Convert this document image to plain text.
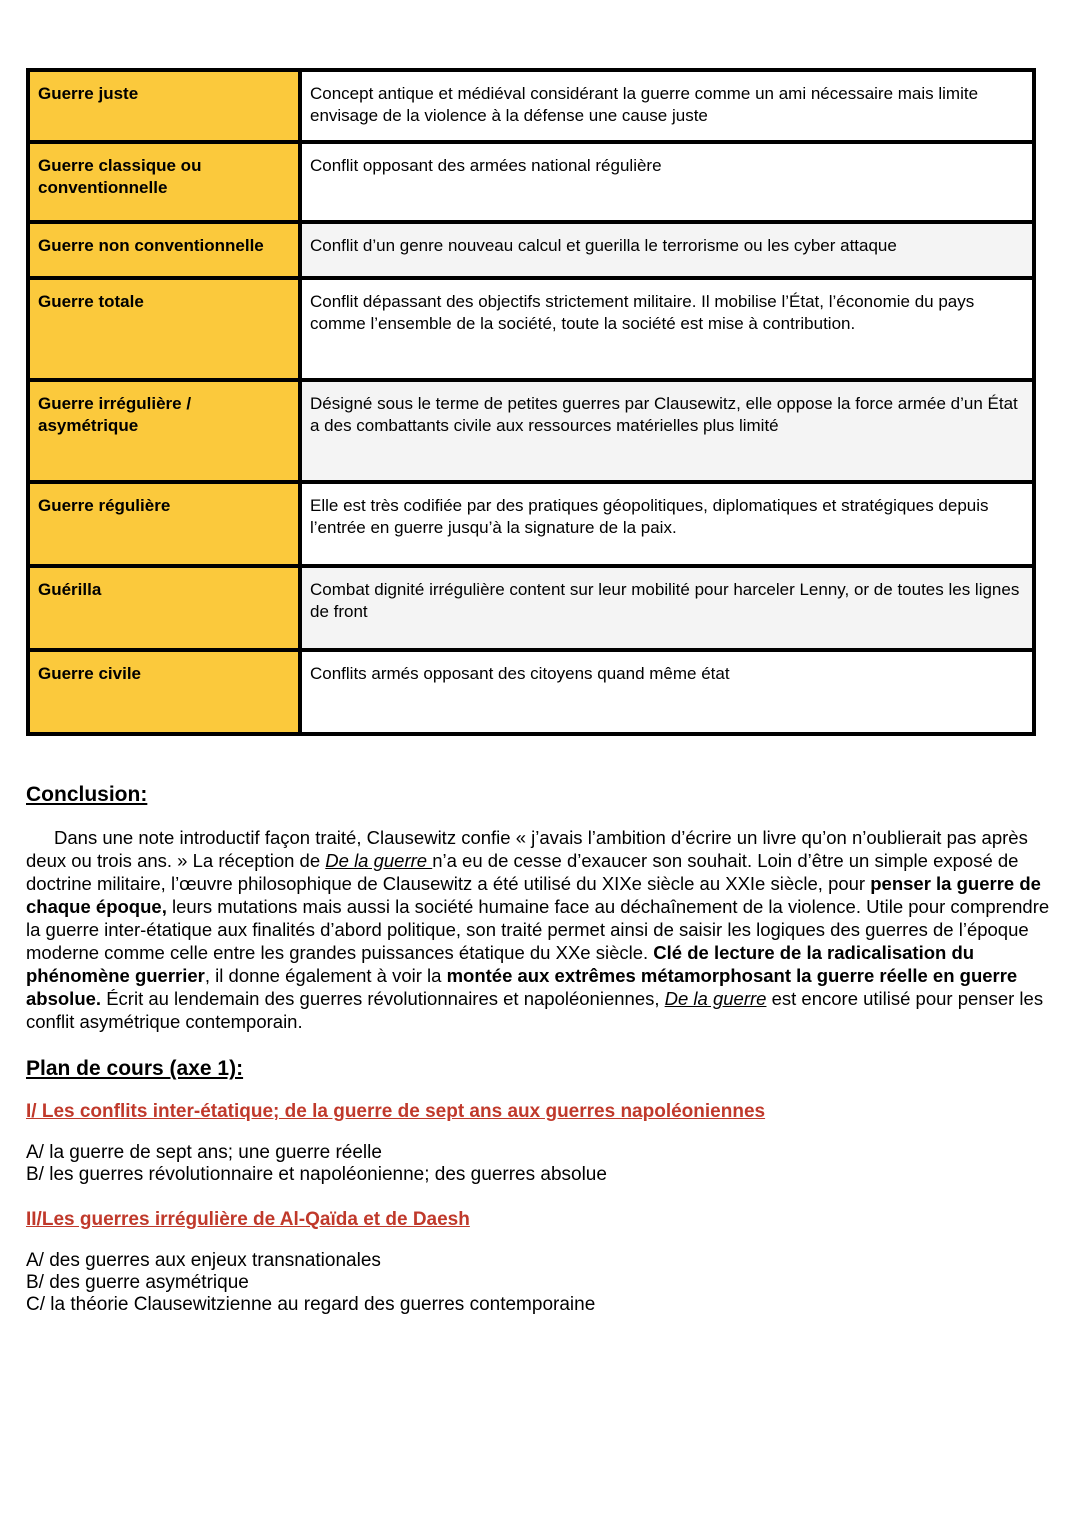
Guerre juste	Concept antique et médiéval considérant la guerre comme un ami nécessaire mais limite envisage de la violence à la défense une cause juste
Guerre classique ou conventionnelle	Conflit opposant des armées national régulière
Guerre non conventionnelle	Conflit d’un genre nouveau calcul et guerilla le terrorisme ou les cyber attaque
Guerre totale	Conflit dépassant des objectifs strictement militaire. Il mobilise l’État, l’économie du pays comme l’ensemble de la société, toute la société est mise à contribution.
Guerre irrégulière / asymétrique	Désigné sous le terme de petites guerres par Clausewitz, elle oppose la force armée d’un État a des combattants civile aux ressources matérielles plus limité
Guerre régulière	Elle est très codifiée par des pratiques géopolitiques, diplomatiques et stratégiques depuis l’entrée en guerre jusqu’à la signature de la paix.
Guérilla	Combat dignité irrégulière content sur leur mobilité pour harceler Lenny, or de toutes les lignes de front
Guerre civile	Conflits armés opposant des citoyens quand même état
Conclusion:

Dans une note introductif façon traité, Clausewitz confie « j’avais l’ambition d’écrire un livre qu’on n’oublierait pas après deux ou trois ans. » La réception de De la guerre n’a eu de cesse d’exaucer son souhait. Loin d’être un simple exposé de doctrine militaire, l’œuvre philosophique de Clausewitz a été utilisé du XIXe siècle au XXIe siècle, pour penser la guerre de chaque époque, leurs mutations mais aussi la société humaine face au déchaînement de la violence. Utile pour comprendre la guerre inter-étatique aux finalités d’abord politique, son traité permet ainsi de saisir les logiques des guerres de l’époque moderne comme celle entre les grandes puissances étatique du XXe siècle. Clé de lecture de la radicalisation du phénomène guerrier, il donne également à voir la montée aux extrêmes métamorphosant la guerre réelle en guerre absolue. Écrit au lendemain des guerres révolutionnaires et napoléoniennes, De la guerre est encore utilisé pour penser les conflit asymétrique contemporain.

Plan de cours (axe 1):
I/ Les conflits inter-étatique; de la guerre de sept ans aux guerres napoléoniennes

A/ la guerre de sept ans; une guerre réelle

B/ les guerres révolutionnaire et napoléonienne; des guerres absolue

II/Les guerres irrégulière de Al-Qaïda et de Daesh

A/ des guerres aux enjeux transnationales

B/ des guerre asymétrique

C/ la théorie Clausewitzienne au regard des guerres contemporaine
